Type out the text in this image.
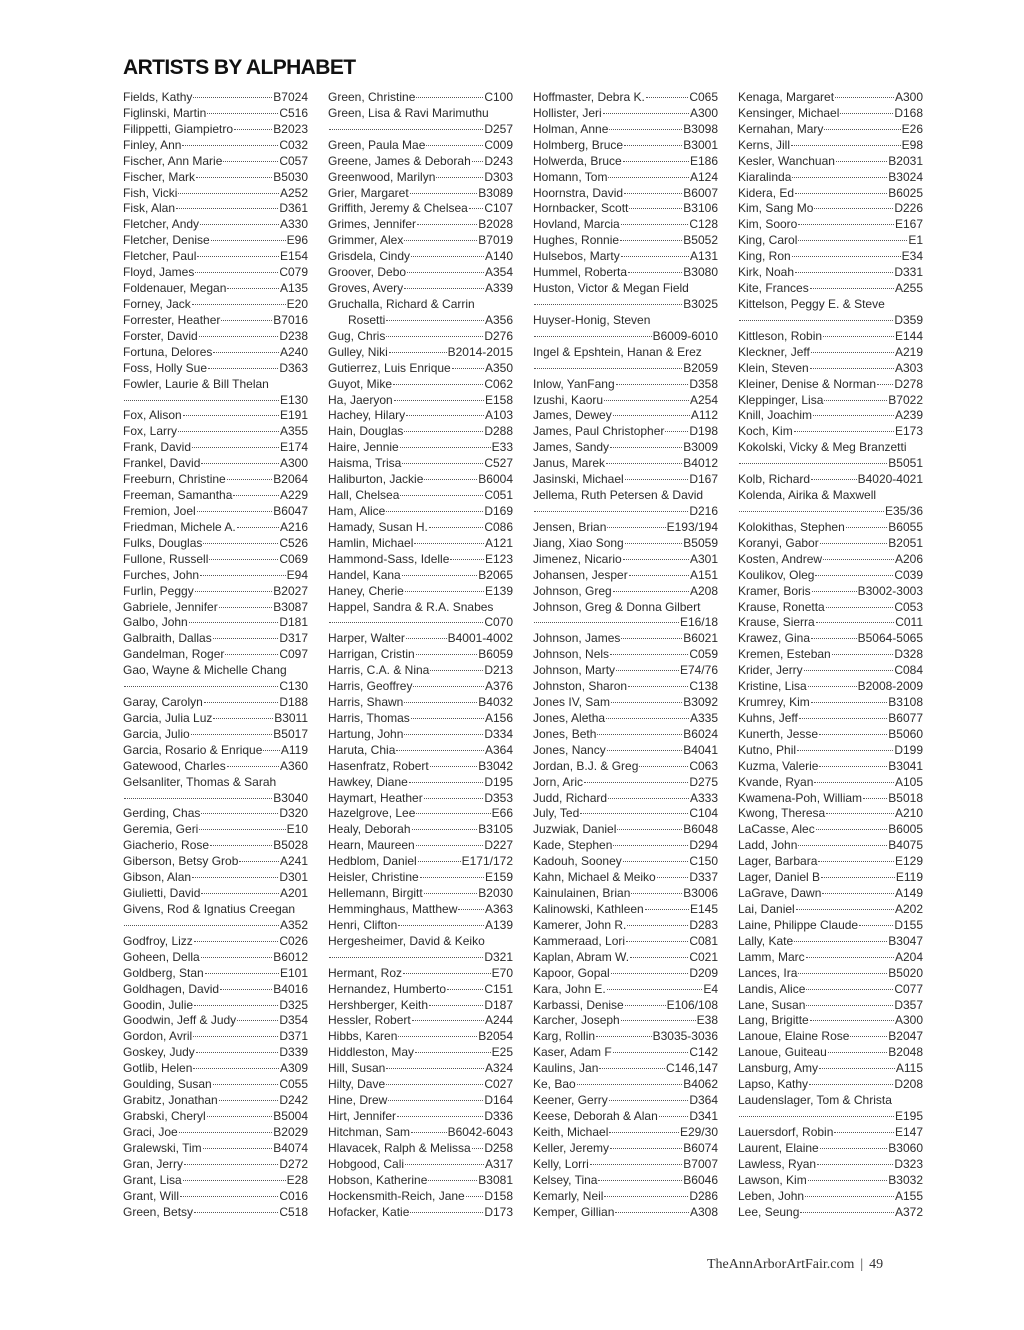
ARTISTS BY ALPHABET
Fields, Kathy	B7024
Figlinski, Martin	C516
Filippetti, Giampietro	B2023
Finley, Ann	C032
Fischer, Ann Marie	C057
Fischer, Mark	B5030
Fish, Vicki	A252
Fisk, Alan	D361
Fletcher, Andy	A330
Fletcher, Denise	E96
Fletcher, Paul	E154
Floyd, James	C079
Foldenauer, Megan	A135
Forney, Jack	E20
Forrester, Heather	B7016
Forster, David	D238
Fortuna, Delores	A240
Foss, Holly Sue	D363
Fowler, Laurie & Bill Thelan
E130
Fox, Alison	E191
Fox, Larry	A355
Frank, David	E174
Frankel, David	A300
Freeburn, Christine	B2064
Freeman, Samantha	A229
Fremion, Joel	B6047
Friedman, Michele A.	A216
Fulks, Douglas	C526
Fullone, Russell	C069
Furches, John	E94
Furlin, Peggy	B2027
Gabriele, Jennifer	B3087
Galbo, John	D181
Galbraith, Dallas	D317
Gandelman, Roger	C097
Gao, Wayne & Michelle Chang
C130
Garay, Carolyn	D188
Garcia, Julia Luz	B3011
Garcia, Julio	B5017
Garcia, Rosario & Enrique A119
Gatewood, Charles	A360
Gelsanliter, Thomas & Sarah
B3040
Gerding, Chas	D320
Geremia, Geri	E10
Giacherio, Rose	B5028
Giberson, Betsy Grob	A241
Gibson, Alan	D301
Giulietti, David	A201
Givens, Rod & Ignatius Creegan
A352
Godfroy, Lizz	C026
Goheen, Della	B6012
Goldberg, Stan	E101
Goldhagen, David	B4016
Goodin, Julie	D325
Goodwin, Jeff & Judy	D354
Gordon, Avril	D371
Goskey, Judy	D339
Gotlib, Helen	A309
Goulding, Susan	C055
Grabitz, Jonathan	D242
Grabski, Cheryl	B5004
Graci, Joe	B2029
Gralewski, Tim	B4074
Gran, Jerry	D272
Grant, Lisa	E28
Grant, Will	C016
Green, Betsy	C518
Green, Christine	C100
Green, Lisa & Ravi Marimuthu
D257
Green, Paula Mae	C009
Greene, James & Deborah D243
Greenwood, Marilyn	D303
Grier, Margaret	B3089
Griffith, Jeremy & Chelsea C107
Grimes, Jennifer	B2028
Grimmer, Alex	B7019
Grisdela, Cindy	A140
Groover, Debo	A354
Groves, Avery	A339
Gruchalla, Richard & Carrin
Rosetti	A356
Gug, Chris	D276
Gulley, Niki	B2014-2015
Gutierrez, Luis Enrique	A350
Guyot, Mike	C062
Ha, Jaeryon	E158
Hachey, Hilary	A103
Hain, Douglas	D288
Haire, Jennie	E33
Haisma, Trisa	C527
Haliburton, Jackie	B6004
Hall, Chelsea	C051
Ham, Alice	D169
Hamady, Susan H.	C086
Hamlin, Michael	A121
Hammond-Sass, Idelle	E123
Handel, Kana	B2065
Haney, Cherie	E139
Happel, Sandra & R.A. Snabes
C070
Harper, Walter	B4001-4002
Harrigan, Cristin	B6059
Harris, C.A. & Nina	D213
Harris, Geoffrey	A376
Harris, Shawn	B4032
Harris, Thomas	A156
Hartung, John	D334
Haruta, Chia	A364
Hasenfratz, Robert	B3042
Hawkey, Diane	D195
Haymart, Heather	D353
Hazelgrove, Lee	E66
Healy, Deborah	B3105
Hearn, Maureen	D227
Hedblom, Daniel	E171/172
Heisler, Christine	E159
Hellemann, Birgitt	B2030
Hemminghaus, Matthew A363
Henri, Clifton	A139
Hergesheimer, David & Keiko
D321
Hermant, Roz	E70
Hernandez, Humberto	C151
Hershberger, Keith	D187
Hessler, Robert	A244
Hibbs, Karen	B2054
Hiddleston, May	E25
Hill, Susan	A324
Hilty, Dave	C027
Hine, Drew	D164
Hirt, Jennifer	D336
Hitchman, Sam	B6042-6043
Hlavacek, Ralph & Melissa D258
Hobgood, Cali	A317
Hobson, Katherine	B3081
Hockensmith-Reich, Jane D158
Hofacker, Katie	D173
Hoffmaster, Debra K.	C065
Hollister, Jeri	A300
Holman, Anne	B3098
Holmberg, Bruce	B3001
Holwerda, Bruce	E186
Homann, Tom	A124
Hoornstra, David	B6007
Hornbacker, Scott	B3106
Hovland, Marcia	C128
Hughes, Ronnie	B5052
Hulsebos, Marty	A131
Hummel, Roberta	B3080
Huston, Victor & Megan Field
B3025
Huyser-Honig, Steven
B6009-6010
Ingel & Epshtein, Hanan & Erez
B2059
Inlow, YanFang	D358
Izushi, Kaoru	A254
James, Dewey	A112
James, Paul Christopher D198
James, Sandy	B3009
Janus, Marek	B4012
Jasinski, Michael	D167
Jellema, Ruth Petersen & David
D216
Jensen, Brian	E193/194
Jiang, Xiao Song	B5059
Jimenez, Nicario	A301
Johansen, Jesper	A151
Johnson, Greg	A208
Johnson, Greg & Donna Gilbert
E16/18
Johnson, James	B6021
Johnson, Nels	C059
Johnson, Marty	E74/76
Johnston, Sharon	C138
Jones IV, Sam	B3092
Jones, Aletha	A335
Jones, Beth	B6024
Jones, Nancy	B4041
Jordan, B.J. & Greg	C063
Jorn, Aric	D275
Judd, Richard	A333
July, Ted	C104
Juzwiak, Daniel	B6048
Kade, Stephen	D294
Kadouh, Sooney	C150
Kahn, Michael & Meiko	D337
Kainulainen, Brian	B3006
Kalinowski, Kathleen	E145
Kamerer, John R.	D283
Kammeraad, Lori	C081
Kaplan, Abram W.	C021
Kapoor, Gopal	D209
Kara, John E.	E4
Karbassi, Denise	E106/108
Karcher, Joseph	E38
Karg, Rollin	B3035-3036
Kaser, Adam F	C142
Kaulins, Jan	C146,147
Ke, Bao	B4062
Keener, Gerry	D364
Keese, Deborah & Alan	D341
Keith, Michael	E29/30
Keller, Jeremy	B6074
Kelly, Lorri	B7007
Kelsey, Tina	B6046
Kemarly, Neil	D286
Kemper, Gillian	A308
Kenaga, Margaret	A300
Kensinger, Michael	D168
Kernahan, Mary	E26
Kerns, Jill	E98
Kesler, Wanchuan	B2031
Kiaralinda	B3024
Kidera, Ed	B6025
Kim, Sang Mo	D226
Kim, Sooro	E167
King, Carol	E1
King, Ron	E34
Kirk, Noah	D331
Kite, Frances	A255
Kittelson, Peggy E. & Steve
D359
Kittleson, Robin	E144
Kleckner, Jeff	A219
Klein, Steven	A303
Kleiner, Denise & Norman D278
Kleppinger, Lisa	B7022
Knill, Joachim	A239
Koch, Kim	E173
Kokolski, Vicky & Meg Branzetti
B5051
Kolb, Richard	B4020-4021
Kolenda, Airika & Maxwell
E35/36
Kolokithas, Stephen	B6055
Koranyi, Gabor	B2051
Kosten, Andrew	A206
Koulikov, Oleg	C039
Kramer, Boris	B3002-3003
Krause, Ronetta	C053
Krause, Sierra	C011
Krawez, Gina	B5064-5065
Kremen, Esteban	D328
Krider, Jerry	C084
Kristine, Lisa	B2008-2009
Krumrey, Kim	B3108
Kuhns, Jeff	B6077
Kunerth, Jesse	B5060
Kutno, Phil	D199
Kuzma, Valerie	B3041
Kvande, Ryan	A105
Kwamena-Poh, William B5018
Kwong, Theresa	A210
LaCasse, Alec	B6005
Ladd, John	B4075
Lager, Barbara	E129
Lager, Daniel B	E119
LaGrave, Dawn	A149
Lai, Daniel	A202
Laine, Philippe Claude	D155
Lally, Kate	B3047
Lamm, Marc	A204
Lances, Ira	B5020
Landis, Alice	C077
Lane, Susan	D357
Lang, Brigitte	A300
Lanoue, Elaine Rose	B2047
Lanoue, Guiteau	B2048
Lansburg, Amy	A115
Lapso, Kathy	D208
Laudenslager, Tom & Christa
E195
Lauersdorf, Robin	E147
Laurent, Elaine	B3060
Lawless, Ryan	D323
Lawson, Kim	B3032
Leben, John	A155
Lee, Seung	A372
TheAnnArborArtFair.com | 49
